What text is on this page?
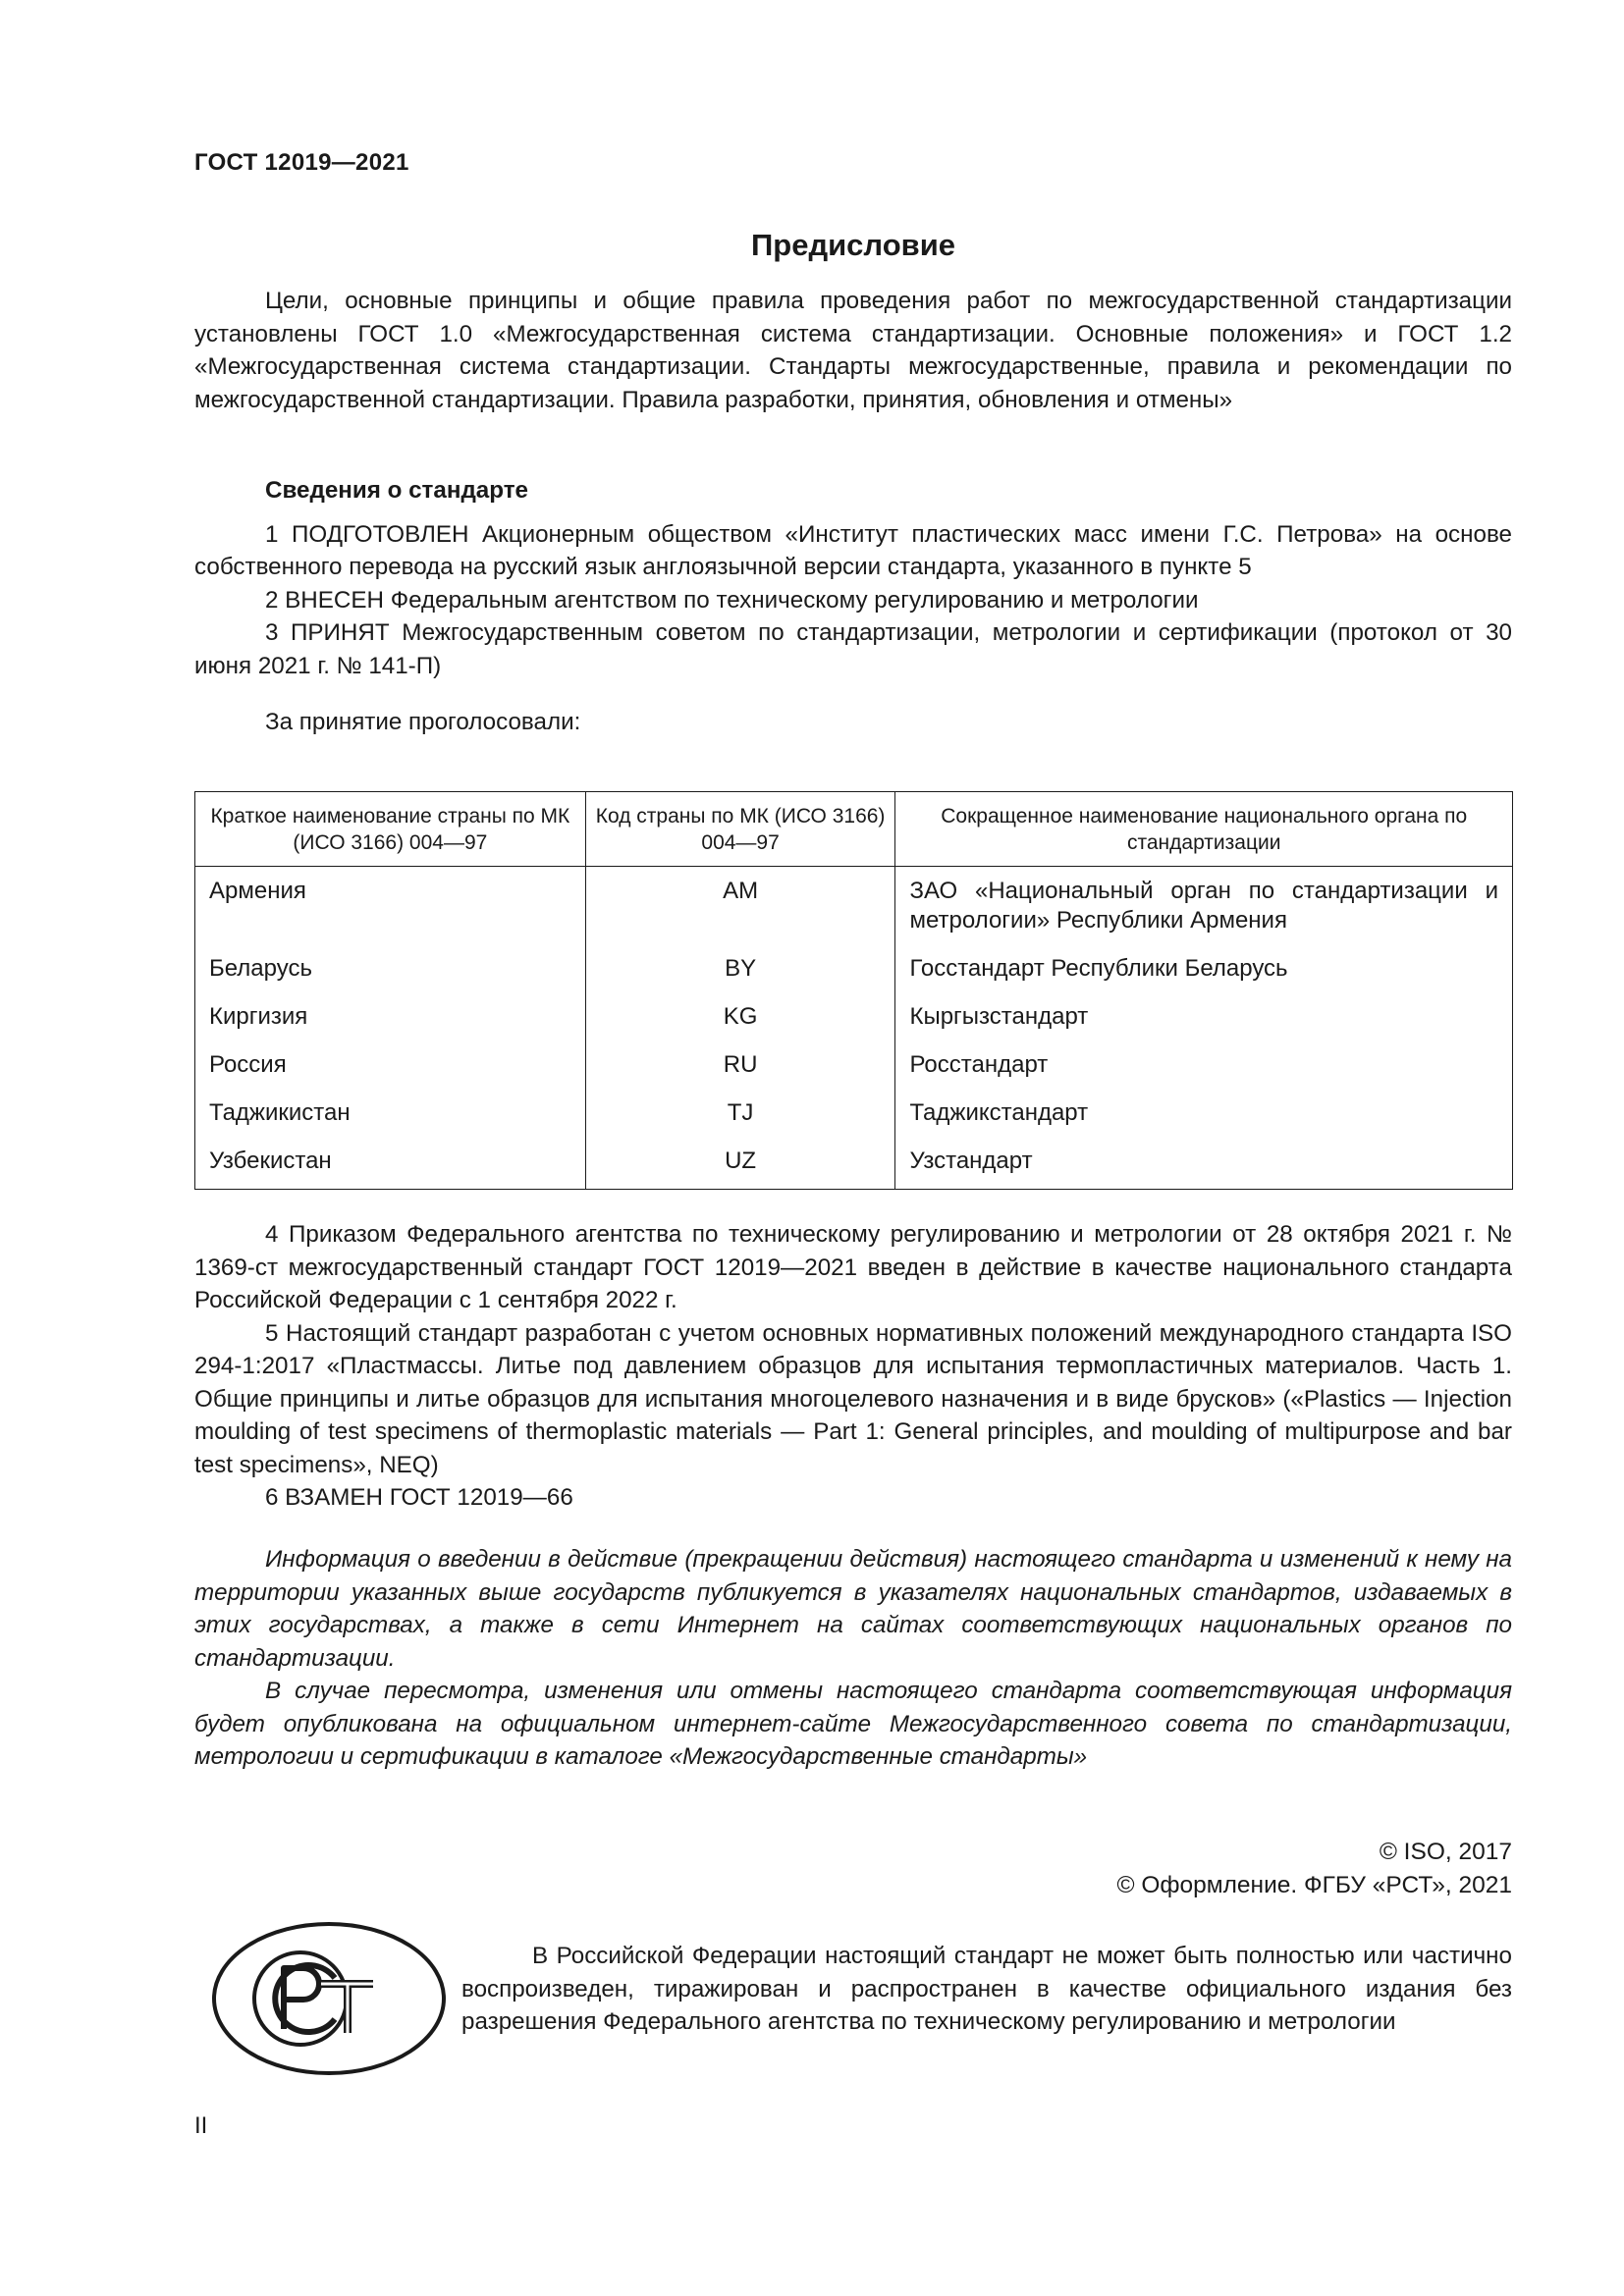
ГОСТ 12019—2021
Предисловие

Цели, основные принципы и общие правила проведения работ по межгосударственной стандартизации установлены ГОСТ 1.0 «Межгосударственная система стандартизации. Основные положения» и ГОСТ 1.2 «Межгосударственная система стандартизации. Стандарты межгосударственные, правила и рекомендации по межгосударственной стандартизации. Правила разработки, принятия, обновления и отмены»

Сведения о стандарте

1 ПОДГОТОВЛЕН Акционерным обществом «Институт пластических масс имени Г.С. Петрова» на основе собственного перевода на русский язык англоязычной версии стандарта, указанного в пункте 5

2 ВНЕСЕН Федеральным агентством по техническому регулированию и метрологии

3 ПРИНЯТ Межгосударственным советом по стандартизации, метрологии и сертификации (протокол от 30 июня 2021 г. № 141-П)

За принятие проголосовали:

Краткое наименование страны по МК (ИСО 3166) 004—97	Код страны по МК (ИСО 3166) 004—97	Сокращенное наименование национального органа по стандартизации
Армения	AM	ЗАО «Национальный орган по стандартизации и метрологии» Республики Армения
Беларусь	BY	Госстандарт Республики Беларусь
Киргизия	KG	Кыргызстандарт
Россия	RU	Росстандарт
Таджикистан	TJ	Таджикстандарт
Узбекистан	UZ	Узстандарт

4 Приказом Федерального агентства по техническому регулированию и метрологии от 28 октября 2021 г. № 1369-ст межгосударственный стандарт ГОСТ 12019—2021 введен в действие в качестве национального стандарта Российской Федерации с 1 сентября 2022 г.

5 Настоящий стандарт разработан с учетом основных нормативных положений международного стандарта ISO 294-1:2017 «Пластмассы. Литье под давлением образцов для испытания термопластичных материалов. Часть 1. Общие принципы и литье образцов для испытания многоцелевого назначения и в виде брусков» («Plastics — Injection moulding of test specimens of thermoplastic materials — Part 1: General principles, and moulding of multipurpose and bar test specimens», NEQ)

6 ВЗАМЕН ГОСТ 12019—66

Информация о введении в действие (прекращении действия) настоящего стандарта и изменений к нему на территории указанных выше государств публикуется в указателях национальных стандартов, издаваемых в этих государствах, а также в сети Интернет на сайтах соответствующих национальных органов по стандартизации.

В случае пересмотра, изменения или отмены настоящего стандарта соответствующая информация будет опубликована на официальном интернет-сайте Межгосударственного совета по стандартизации, метрологии и сертификации в каталоге «Межгосударственные стандарты»

© ISO, 2017
© Оформление. ФГБУ «РСТ», 2021

В Российской Федерации настоящий стандарт не может быть полностью или частично воспроизведен, тиражирован и распространен в качестве официального издания без разрешения Федерального агентства по техническому регулированию и метрологии

II
